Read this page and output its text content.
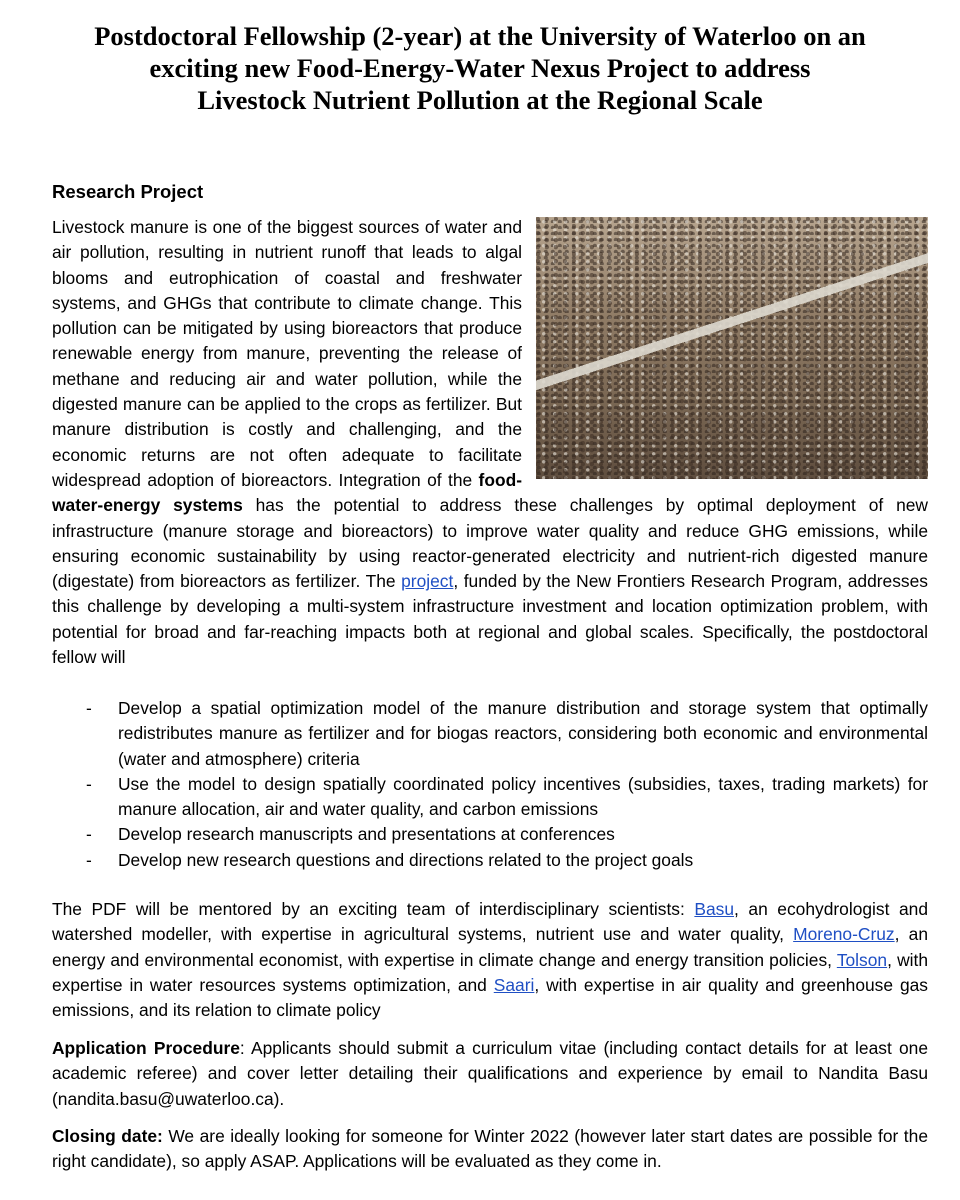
Postdoctoral Fellowship (2-year) at the University of Waterloo on an
exciting new Food-Energy-Water Nexus Project to address
Livestock Nutrient Pollution at the Regional Scale
Research Project

Livestock manure is one of the biggest sources of water and air pollution, resulting in nutrient runoff that leads to algal blooms and eutrophication of coastal and freshwater systems, and GHGs that contribute to climate change. This pollution can be mitigated by using bioreactors that produce renewable energy from manure, preventing the release of methane and reducing air and water pollution, while the digested manure can be applied to the crops as fertilizer. But manure distribution is costly and challenging, and the economic returns are not often adequate to facilitate widespread adoption of bioreactors. Integration of the food-water-energy systems has the potential to address these challenges by optimal deployment of new infrastructure (manure storage and bioreactors) to improve water quality and reduce GHG emissions, while ensuring economic sustainability by using reactor-generated electricity and nutrient-rich digested manure (digestate) from bioreactors as fertilizer. The project, funded by the New Frontiers Research Program, addresses this challenge by developing a multi-system infrastructure investment and location optimization problem, with potential for broad and far-reaching impacts both at regional and global scales. Specifically, the postdoctoral fellow will

- Develop a spatial optimization model of the manure distribution and storage system that optimally redistributes manure as fertilizer and for biogas reactors, considering both economic and environmental (water and atmosphere) criteria
- Use the model to design spatially coordinated policy incentives (subsidies, taxes, trading markets) for manure allocation, air and water quality, and carbon emissions
- Develop research manuscripts and presentations at conferences
- Develop new research questions and directions related to the project goals

The PDF will be mentored by an exciting team of interdisciplinary scientists: Basu, an ecohydrologist and watershed modeller, with expertise in agricultural systems, nutrient use and water quality, Moreno-Cruz, an energy and environmental economist, with expertise in climate change and energy transition policies, Tolson, with expertise in water resources systems optimization, and Saari, with expertise in air quality and greenhouse gas emissions, and its relation to climate policy

Application Procedure: Applicants should submit a curriculum vitae (including contact details for at least one academic referee) and cover letter detailing their qualifications and experience by email to Nandita Basu (nandita.basu@uwaterloo.ca).

Closing date: We are ideally looking for someone for Winter 2022 (however later start dates are possible for the right candidate), so apply ASAP. Applications will be evaluated as they come in.
